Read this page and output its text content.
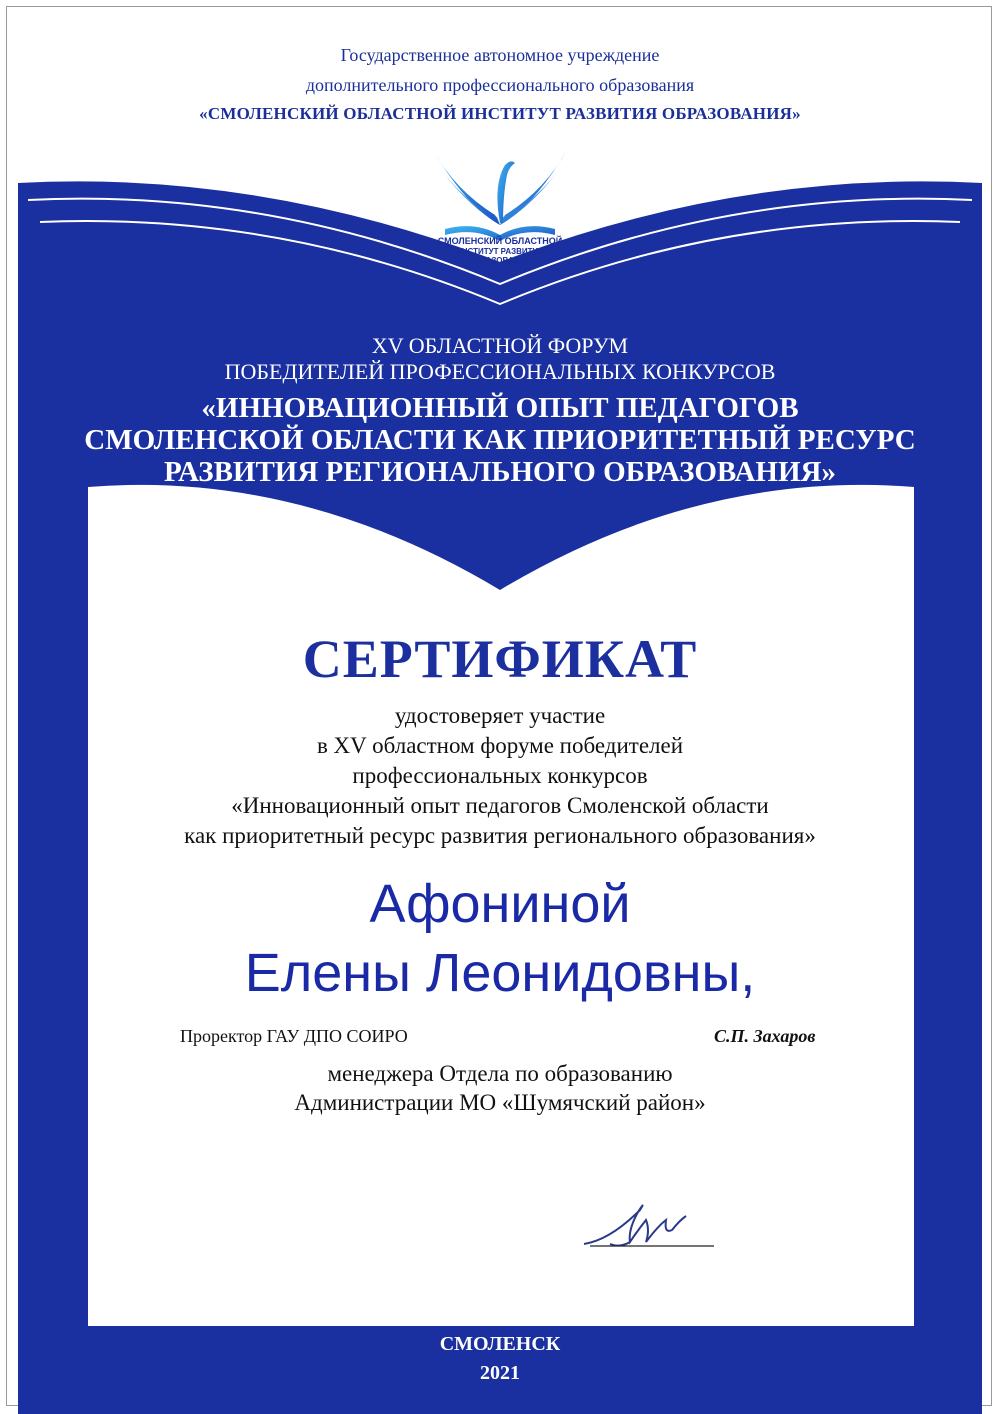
Государственное автономное учреждение
дополнительного профессионального образования
«СМОЛЕНСКИЙ ОБЛАСТНОЙ ИНСТИТУТ РАЗВИТИЯ ОБРАЗОВАНИЯ»
СМОЛЕНСКИЙ ОБЛАСТНОЙ
ИНСТИТУТ РАЗВИТИЯ ОБРАЗОВАНИЯ
XV ОБЛАСТНОЙ ФОРУМ
ПОБЕДИТЕЛЕЙ ПРОФЕССИОНАЛЬНЫХ КОНКУРСОВ
«ИННОВАЦИОННЫЙ ОПЫТ ПЕДАГОГОВ
СМОЛЕНСКОЙ ОБЛАСТИ КАК ПРИОРИТЕТНЫЙ РЕСУРС
РАЗВИТИЯ РЕГИОНАЛЬНОГО ОБРАЗОВАНИЯ»
СЕРТИФИКАТ
удостоверяет участие
в XV областном форуме победителей
профессиональных конкурсов
«Инновационный опыт педагогов Смоленской области
как приоритетный ресурс развития регионального образования»
Афониной
Елены Леонидовны,
менеджера Отдела по образованию
Администрации МО «Шумячский район»
Проректор ГАУ ДПО СОИРО	С.П. Захаров
СМОЛЕНСК
2021
